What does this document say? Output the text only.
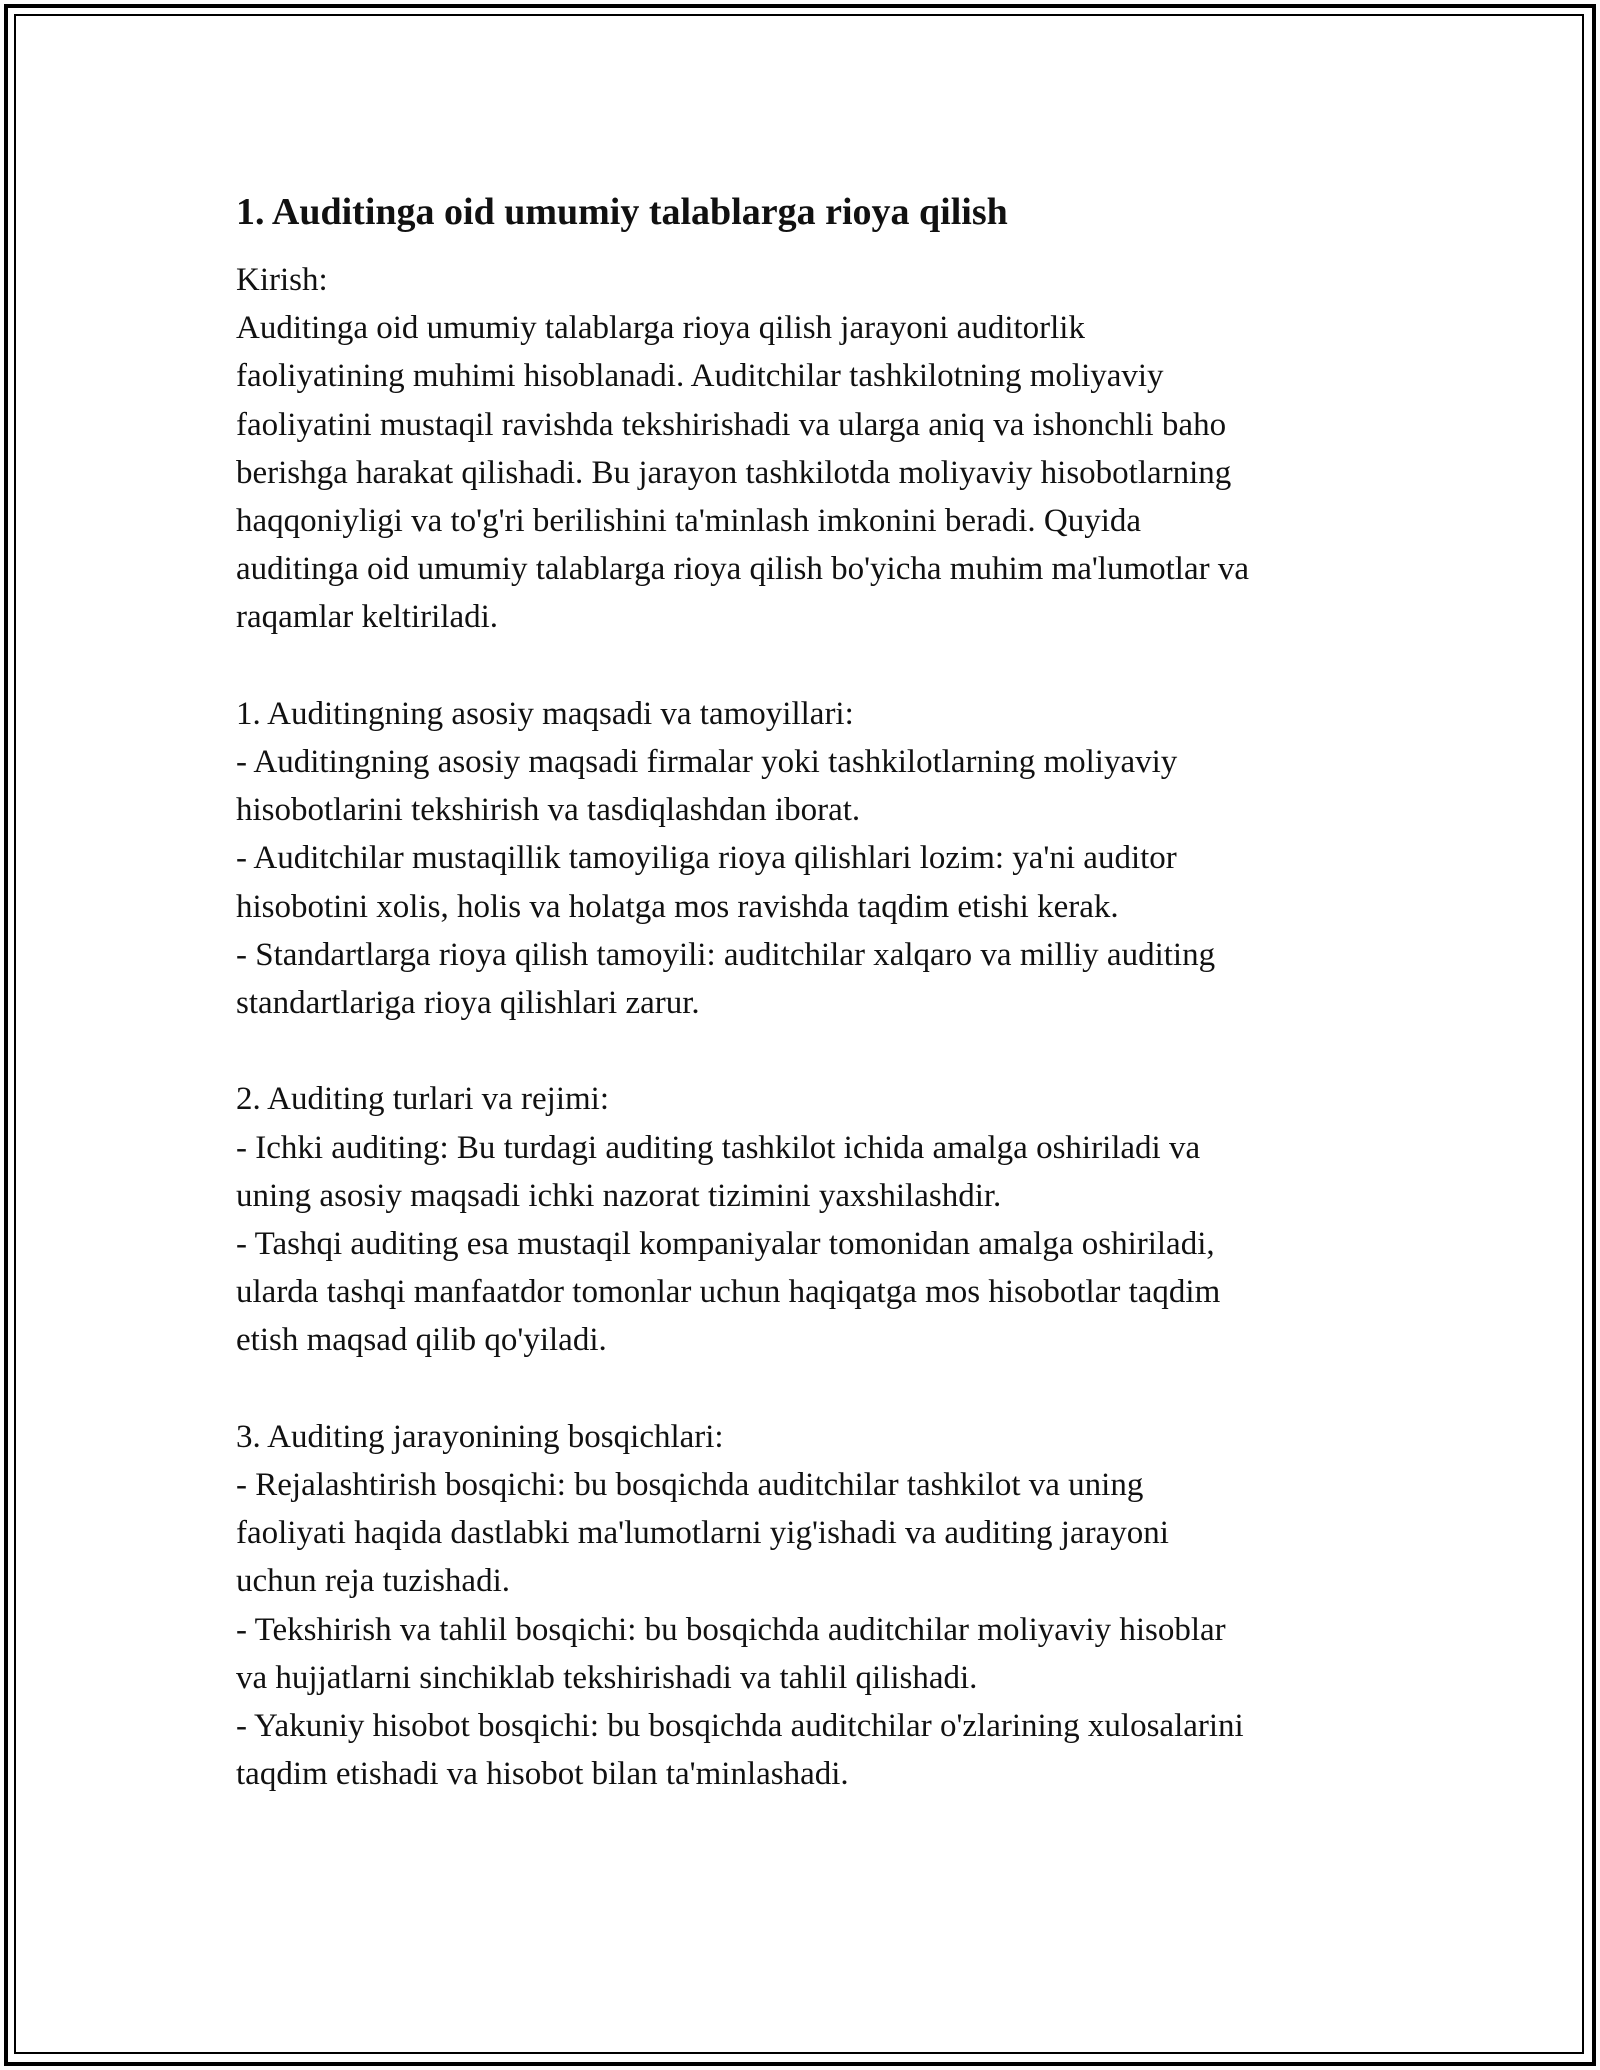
1. Auditinga oid umumiy talablarga rioya qilish
Kirish:
Auditinga oid umumiy talablarga rioya qilish jarayoni auditorlik
faoliyatining muhimi hisoblanadi. Auditchilar tashkilotning moliyaviy
faoliyatini mustaqil ravishda tekshirishadi va ularga aniq va ishonchli baho
berishga harakat qilishadi. Bu jarayon tashkilotda moliyaviy hisobotlarning
haqqoniyligi va to'g'ri berilishini ta'minlash imkonini beradi. Quyida
auditinga oid umumiy talablarga rioya qilish bo'yicha muhim ma'lumotlar va
raqamlar keltiriladi.
1. Auditingning asosiy maqsadi va tamoyillari:
- Auditingning asosiy maqsadi firmalar yoki tashkilotlarning moliyaviy
hisobotlarini tekshirish va tasdiqlashdan iborat.
- Auditchilar mustaqillik tamoyiliga rioya qilishlari lozim: ya'ni auditor
hisobotini xolis, holis va holatga mos ravishda taqdim etishi kerak.
- Standartlarga rioya qilish tamoyili: auditchilar xalqaro va milliy auditing
standartlariga rioya qilishlari zarur.
2. Auditing turlari va rejimi:
- Ichki auditing: Bu turdagi auditing tashkilot ichida amalga oshiriladi va
uning asosiy maqsadi ichki nazorat tizimini yaxshilashdir.
- Tashqi auditing esa mustaqil kompaniyalar tomonidan amalga oshiriladi,
ularda tashqi manfaatdor tomonlar uchun haqiqatga mos hisobotlar taqdim
etish maqsad qilib qo'yiladi.
3. Auditing jarayonining bosqichlari:
- Rejalashtirish bosqichi: bu bosqichda auditchilar tashkilot va uning
faoliyati haqida dastlabki ma'lumotlarni yig'ishadi va auditing jarayoni
uchun reja tuzishadi.
- Tekshirish va tahlil bosqichi: bu bosqichda auditchilar moliyaviy hisoblar
va hujjatlarni sinchiklab tekshirishadi va tahlil qilishadi.
- Yakuniy hisobot bosqichi: bu bosqichda auditchilar o'zlarining xulosalarini
taqdim etishadi va hisobot bilan ta'minlashadi.
